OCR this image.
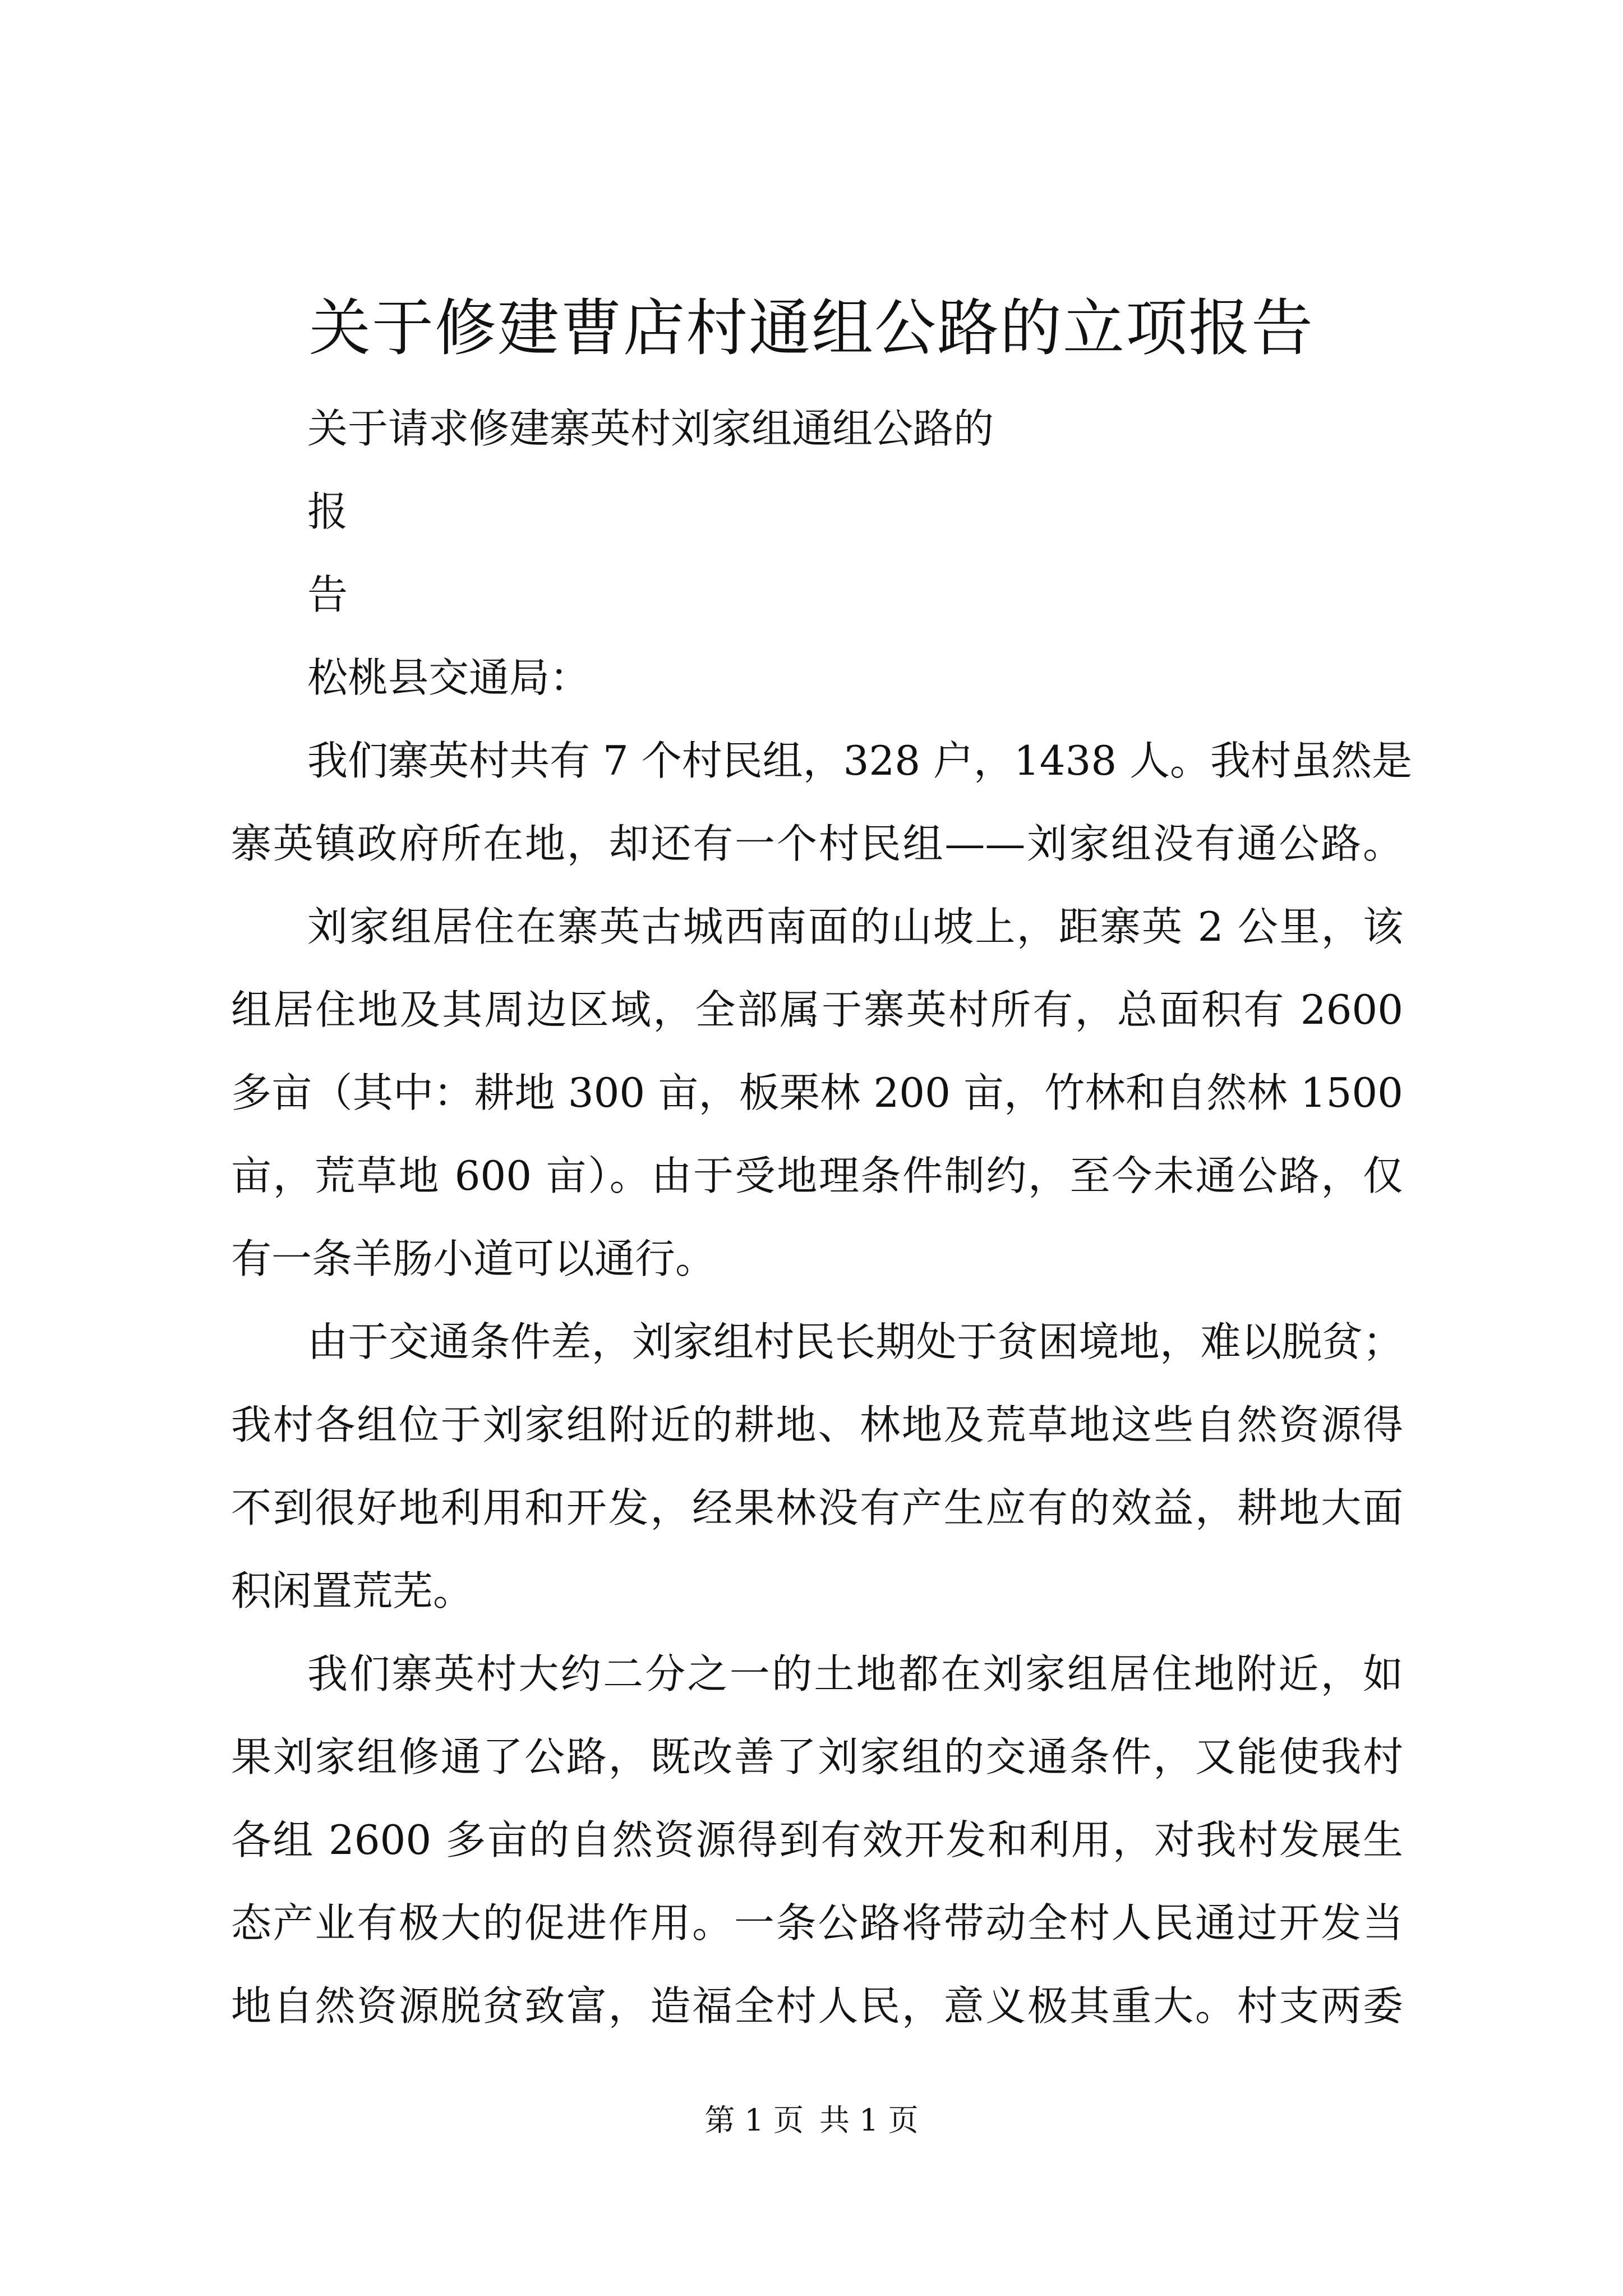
关于修建曹店村通组公路的立项报告

关于请求修建寨英村刘家组通组公路的

报

告

松桃县交通局：

我们寨英村共有 7 个村民组，328 户，1438 人。我村虽然是

寨英镇政府所在地，却还有一个村民组——刘家组没有通公路。

刘家组居住在寨英古城西南面的山坡上，距寨英 2 公里，该

组居住地及其周边区域，全部属于寨英村所有，总面积有 2600

多亩（其中：耕地 300 亩，板栗林 200 亩，竹林和自然林 1500

亩，荒草地 600 亩）。由于受地理条件制约，至今未通公路，仅

有一条羊肠小道可以通行。

由于交通条件差，刘家组村民长期处于贫困境地，难以脱贫；

我村各组位于刘家组附近的耕地、林地及荒草地这些自然资源得

不到很好地利用和开发，经果林没有产生应有的效益，耕地大面

积闲置荒芜。

我们寨英村大约二分之一的土地都在刘家组居住地附近，如

果刘家组修通了公路，既改善了刘家组的交通条件，又能使我村

各组 2600 多亩的自然资源得到有效开发和利用，对我村发展生

态产业有极大的促进作用。一条公路将带动全村人民通过开发当

地自然资源脱贫致富，造福全村人民，意义极其重大。村支两委

第 1 页 共 1 页
